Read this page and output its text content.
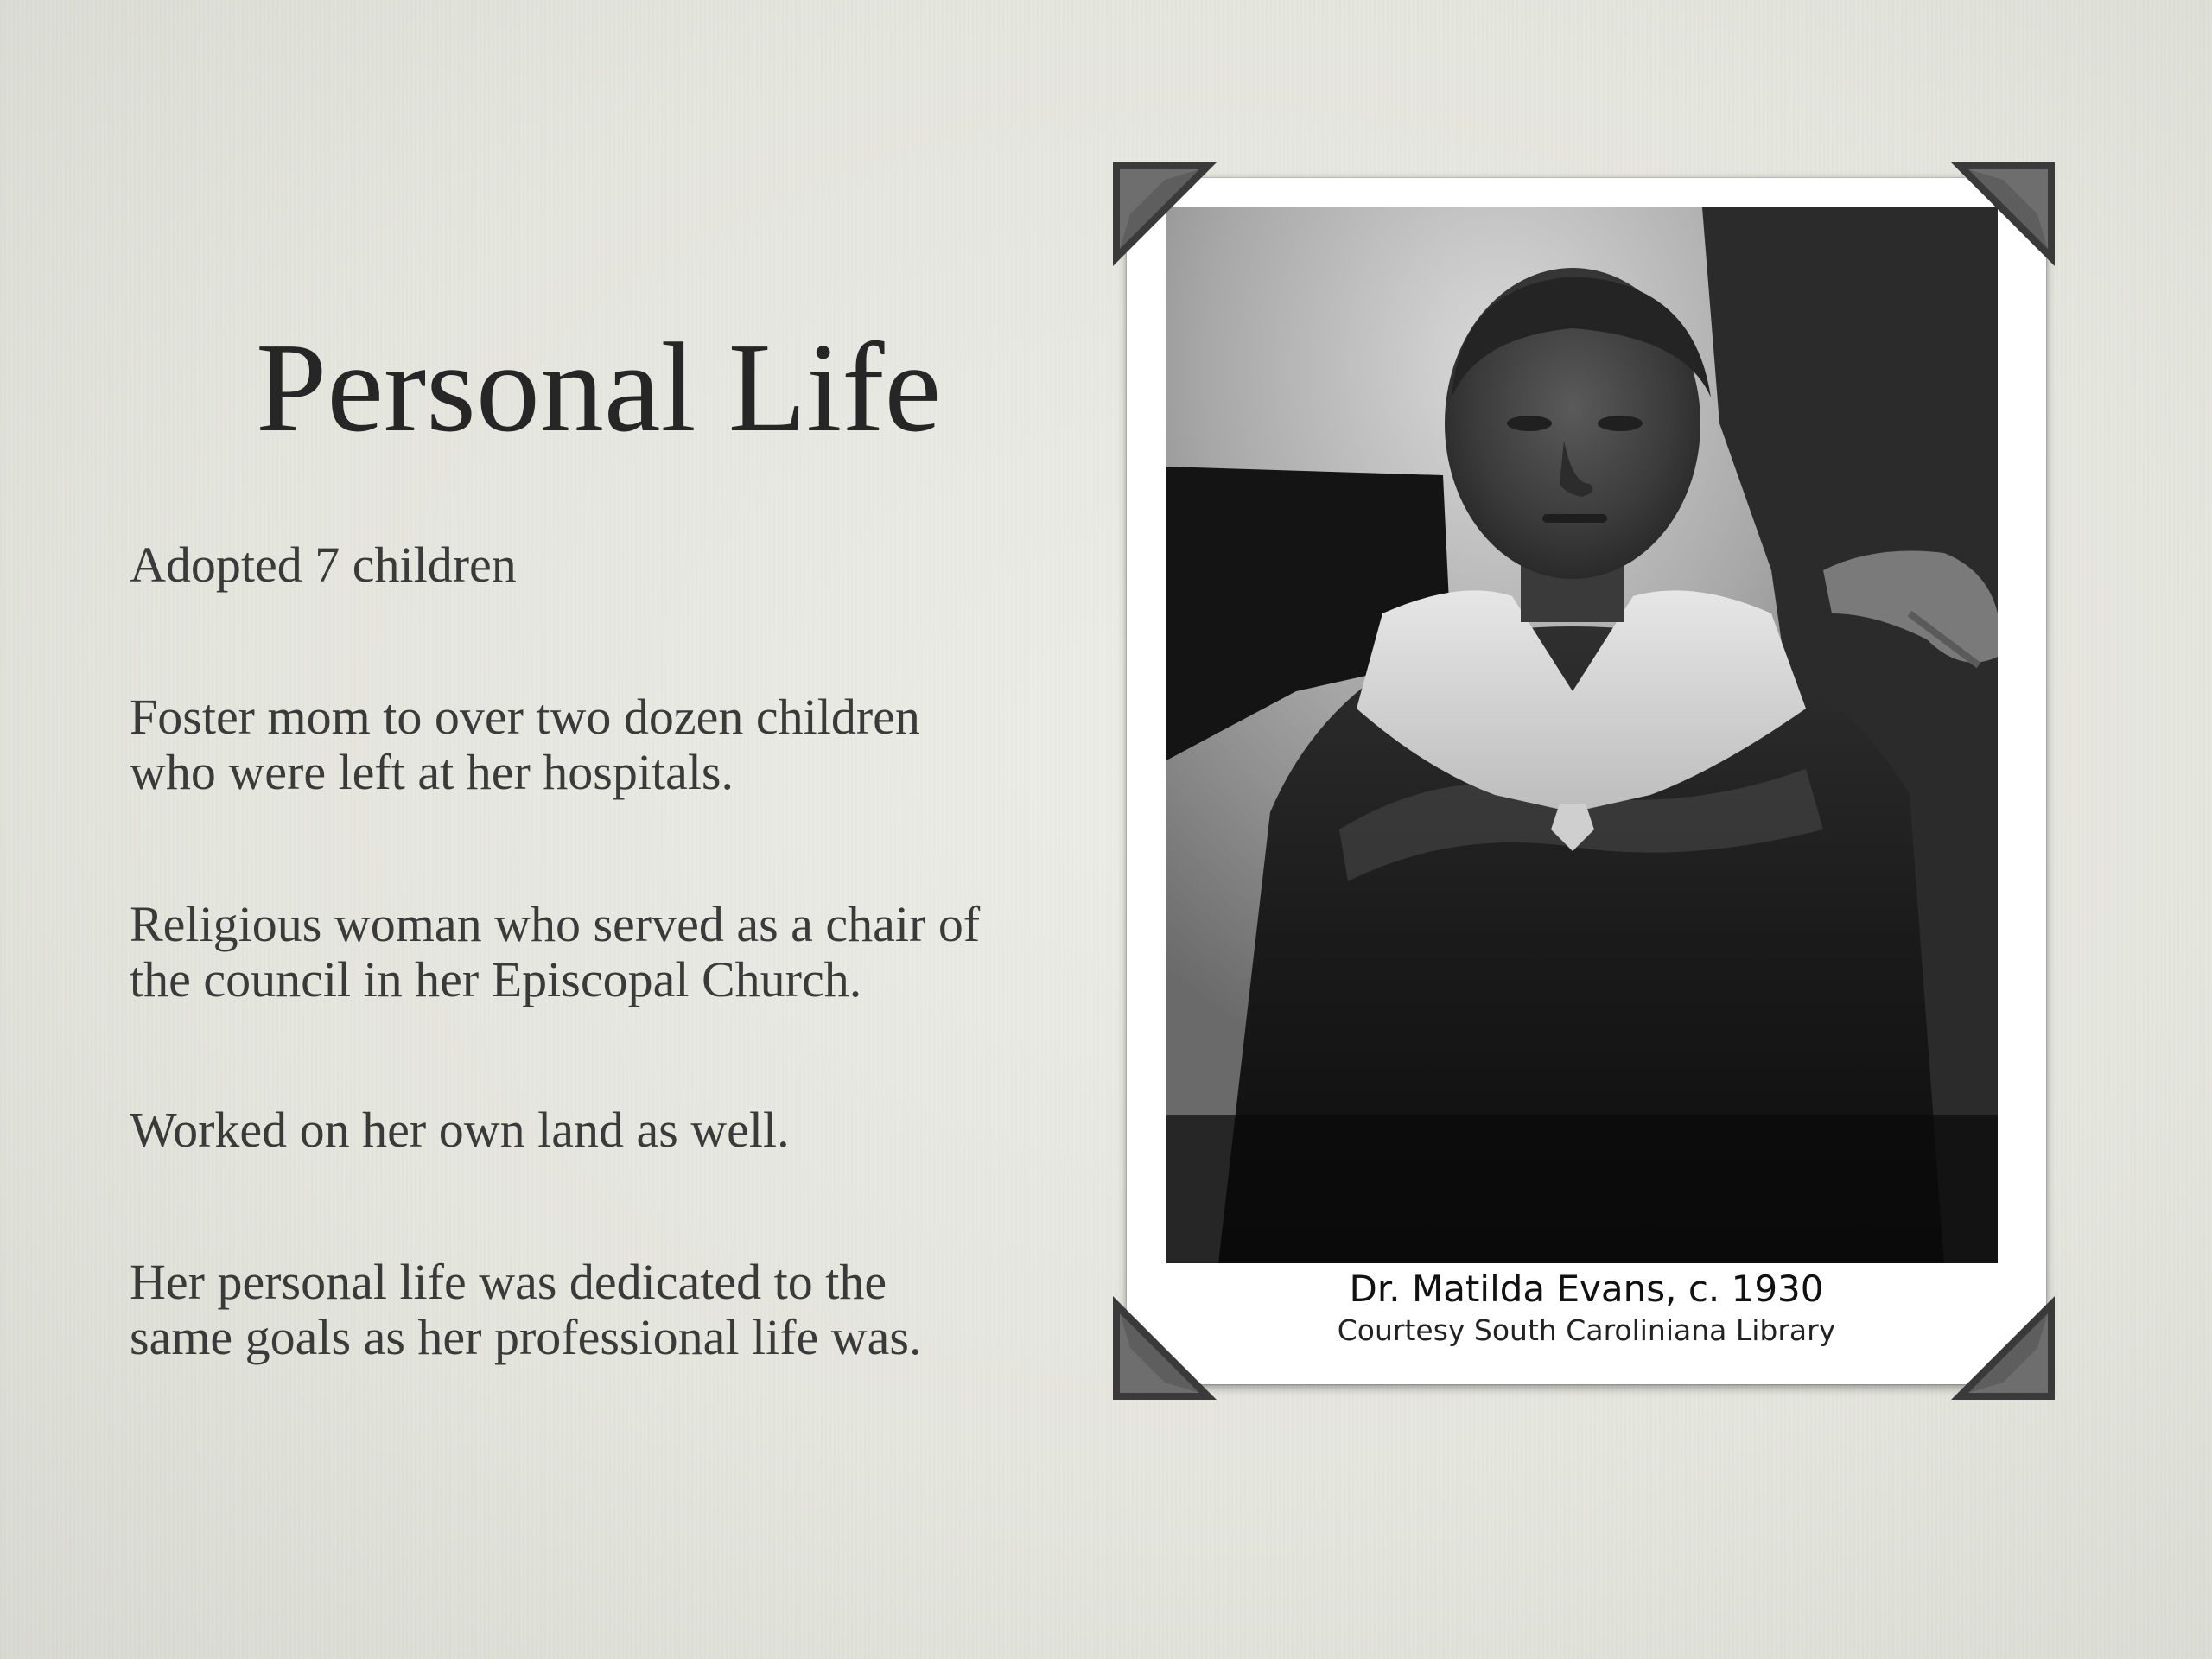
Personal Life
Adopted 7 children
Foster mom to over two dozen children
who were left at her hospitals.
Religious woman who served as a chair of
the council in her Episcopal Church.
Worked on her own land as well.
Her personal life was dedicated to the
same goals as her professional life was.
Dr. Matilda Evans, c. 1930
Courtesy South Caroliniana Library
